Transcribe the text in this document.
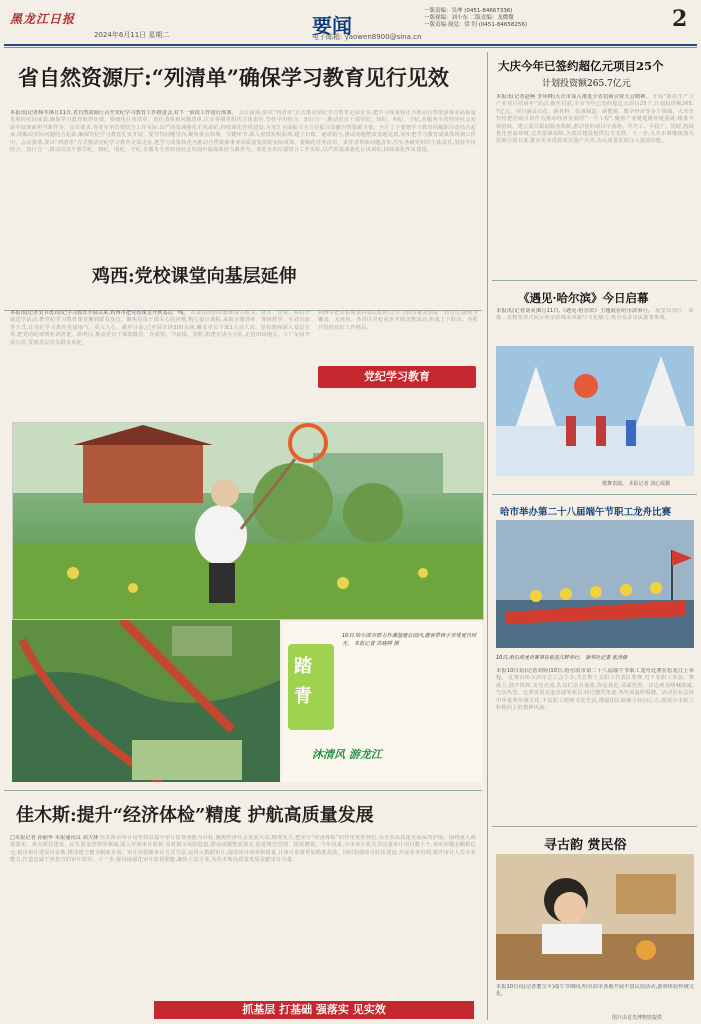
黑龙江日报
2024年6月11日 星期二	要闻
电子邮箱: yaowen8900@sina.cn
一版责编：吴坤 (0451-84667336)
一版视编：刘小东 二版责编：龙微微
一版责编·视觉：常 钊 (0451-84658256)	2
省自然资源厅:“列清单”确保学习教育见行见效
本报讯(记者杨冬)6月11日,省自然资源厅召开党纪学习教育工作推进会,对下一阶段工作进行部署。 会议强调,要以“列清单”方式推动党纪学习教育走深走实,把学习成果转化为推动自然资源事业高质量发展的实际成效,确保学习教育取得实效。要细化任务清单、责任清单和问题清单,压实各级党组织主体责任,坚持学用结合、知行合一,推动党员干部学纪、知纪、明纪、守纪,在服务全省经济社会发展中展现新担当新作为。会议要求,各处室单位要结合工作实际,以严的基调强化正风肃纪,持续深化作风建设,为龙江全面振兴全方位振兴贡献自然资源力量。全厅上下要把学习教育同履职尽责结合起来,同解决实际问题结合起来,确保党纪学习教育扎实开展。要坚持问题导向,聚焦重点领域、关键环节,深入查找短板弱项,建立台账、逐项销号,推动问题整改落地见效,切实把学习教育成果体现到工作中。会议强调,要以“列清单”方式推动党纪学习教育走深走实,把学习成果转化为推动自然资源事业高质量发展的实际成效。要细化任务清单、责任清单和问题清单,压实各级党组织主体责任,坚持学用结合、知行合一,推动党员干部学纪、知纪、明纪、守纪,在服务全省经济社会发展中展现新担当新作为。各处室单位要结合工作实际,以严的基调强化正风肃纪,持续深化作风建设。
鸡西:党校课堂向基层延伸
本报讯(记者吴书勇)党纪学习教育开展以来,鸡西市把党校课堂开到基层一线。 市委党校组织教师深入机关、社区、企业、乡村开展送学活动,把党纪学习教育课堂搬到群众身边。聚焦党员干部关心的问题,精心设计课程,采取专题讲座、现场教学、互动交流等方式,让党纪学习教育更接地气、更入人心。截至目前,已开展宣讲300余场,覆盖党员干部1万余人次。党校教师深入基层宣讲,把党的纪律规矩讲清楚、讲明白,推动党员干部知敬畏、存戒惧、守底线。同时,组建宣讲小分队,走进田间地头、工厂车间开展宣讲,受到基层党员群众欢迎。
鸡西市把党校课堂向基层延伸,让学习教育覆盖到每一名党员,做到全覆盖、无死角。各县区党校同步开展送教活动,形成上下联动、齐抓共管的良好工作格局。
党纪学习教育
踏青
10日,哈尔滨市群力外滩湿地公园内,游客带孩子享受夏日时光。 本报记者 苏晓婷 摄
沐清风 游龙江
佳木斯:提升“经济体检”精度 护航高质量发展
□本报记者 孙丽华 本报通讯员 刘天林 佳木斯市审计局坚持以提升审计监督效能为目标,聚焦经济社会发展大局,精准发力,把审计“经济体检”的作用发挥到位,为全市高质量发展保驾护航。围绕重大政策落实、重点项目建设、民生资金管理等领域,深入开展审计监督,及时揭示风险隐患,推动问题整改落实,促进规范管理、提质增效。今年以来,全市审计机关共完成审计项目数十个,查出问题金额数亿元,提出审计建议百余条,推动建立健全制度多项。审计局创新审计方式方法,运用大数据审计,提高审计效率和质量,让审计监督更加精准高效。同时加强审计队伍建设,开展业务培训,提升审计人员专业能力,打造忠诚干净担当的审计铁军。下一步,将持续强化审计监督职能,聚焦主责主业,为佳木斯高质量发展贡献审计力量。
抓基层 打基础 强落实 见实效
大庆今年已签约超亿元项目25个
计划投资额265.7亿元
本报讯(记者赵畅 李风峰)大庆市深入推进全省招商引资大会精神。 开展“新质生产力产业项目招商年”活动,截至目前,全市今年已签约超亿元项目25个,计划投资额265.7亿元。项目涵盖石化、新材料、装备制造、新能源、数字经济等多个领域。大庆市坚持把招商引资作为推动经济发展的“一号工程”,聚焦产业链延链补链强链,精准开展招商。建立项目跟踪服务机制,推动签约项目早落地、早开工、早投产。同时,持续优化营商环境,完善要素保障,为项目建设提供有力支撑。下一步,大庆市将继续加大招商引资力度,推动更多优质项目落户大庆,为高质量发展注入强劲动能。
《遇见·哈尔滨》今日启幕
本报讯(记者刘美)6月11日,《遇见·哈尔滨》主题展在哈尔滨举行。 展览以图片、影像、实物等形式展示哈尔滨城市风貌与文化魅力,吸引众多市民游客参观。
歌舞表演。 本报记者 刘心瑶摄
哈市举办第二十八届端午节职工龙舟比赛
10日,哈尔滨龙舟赛事在松花江畔举行。 新华社记者 张涛摄
本报10日讯(记者刘婷)10日,哈尔滨市第二十八届端午节职工龙舟比赛在松花江上举行。 比赛由哈尔滨市总工会主办,共有数十支职工代表队参赛,近千名职工参加。赛场上,鼓声阵阵,龙舟竞渡,队员们奋力划桨,你追我赶,场面热烈。岸边观众呐喊助威,气氛热烈。比赛设置直道竞速等项目,经过激烈角逐,各奖项最终揭晓。活动旨在弘扬中华优秀传统文化,丰富职工精神文化生活,增强团队凝聚力和向心力,展现全市职工积极向上的精神风貌。
寻古韵 赏民俗
本报10日讯(记者董宝平)端午节期间,哈尔滨市各地开展丰富民俗活动,游客体验传统文化。
图片由首先博物馆提供
